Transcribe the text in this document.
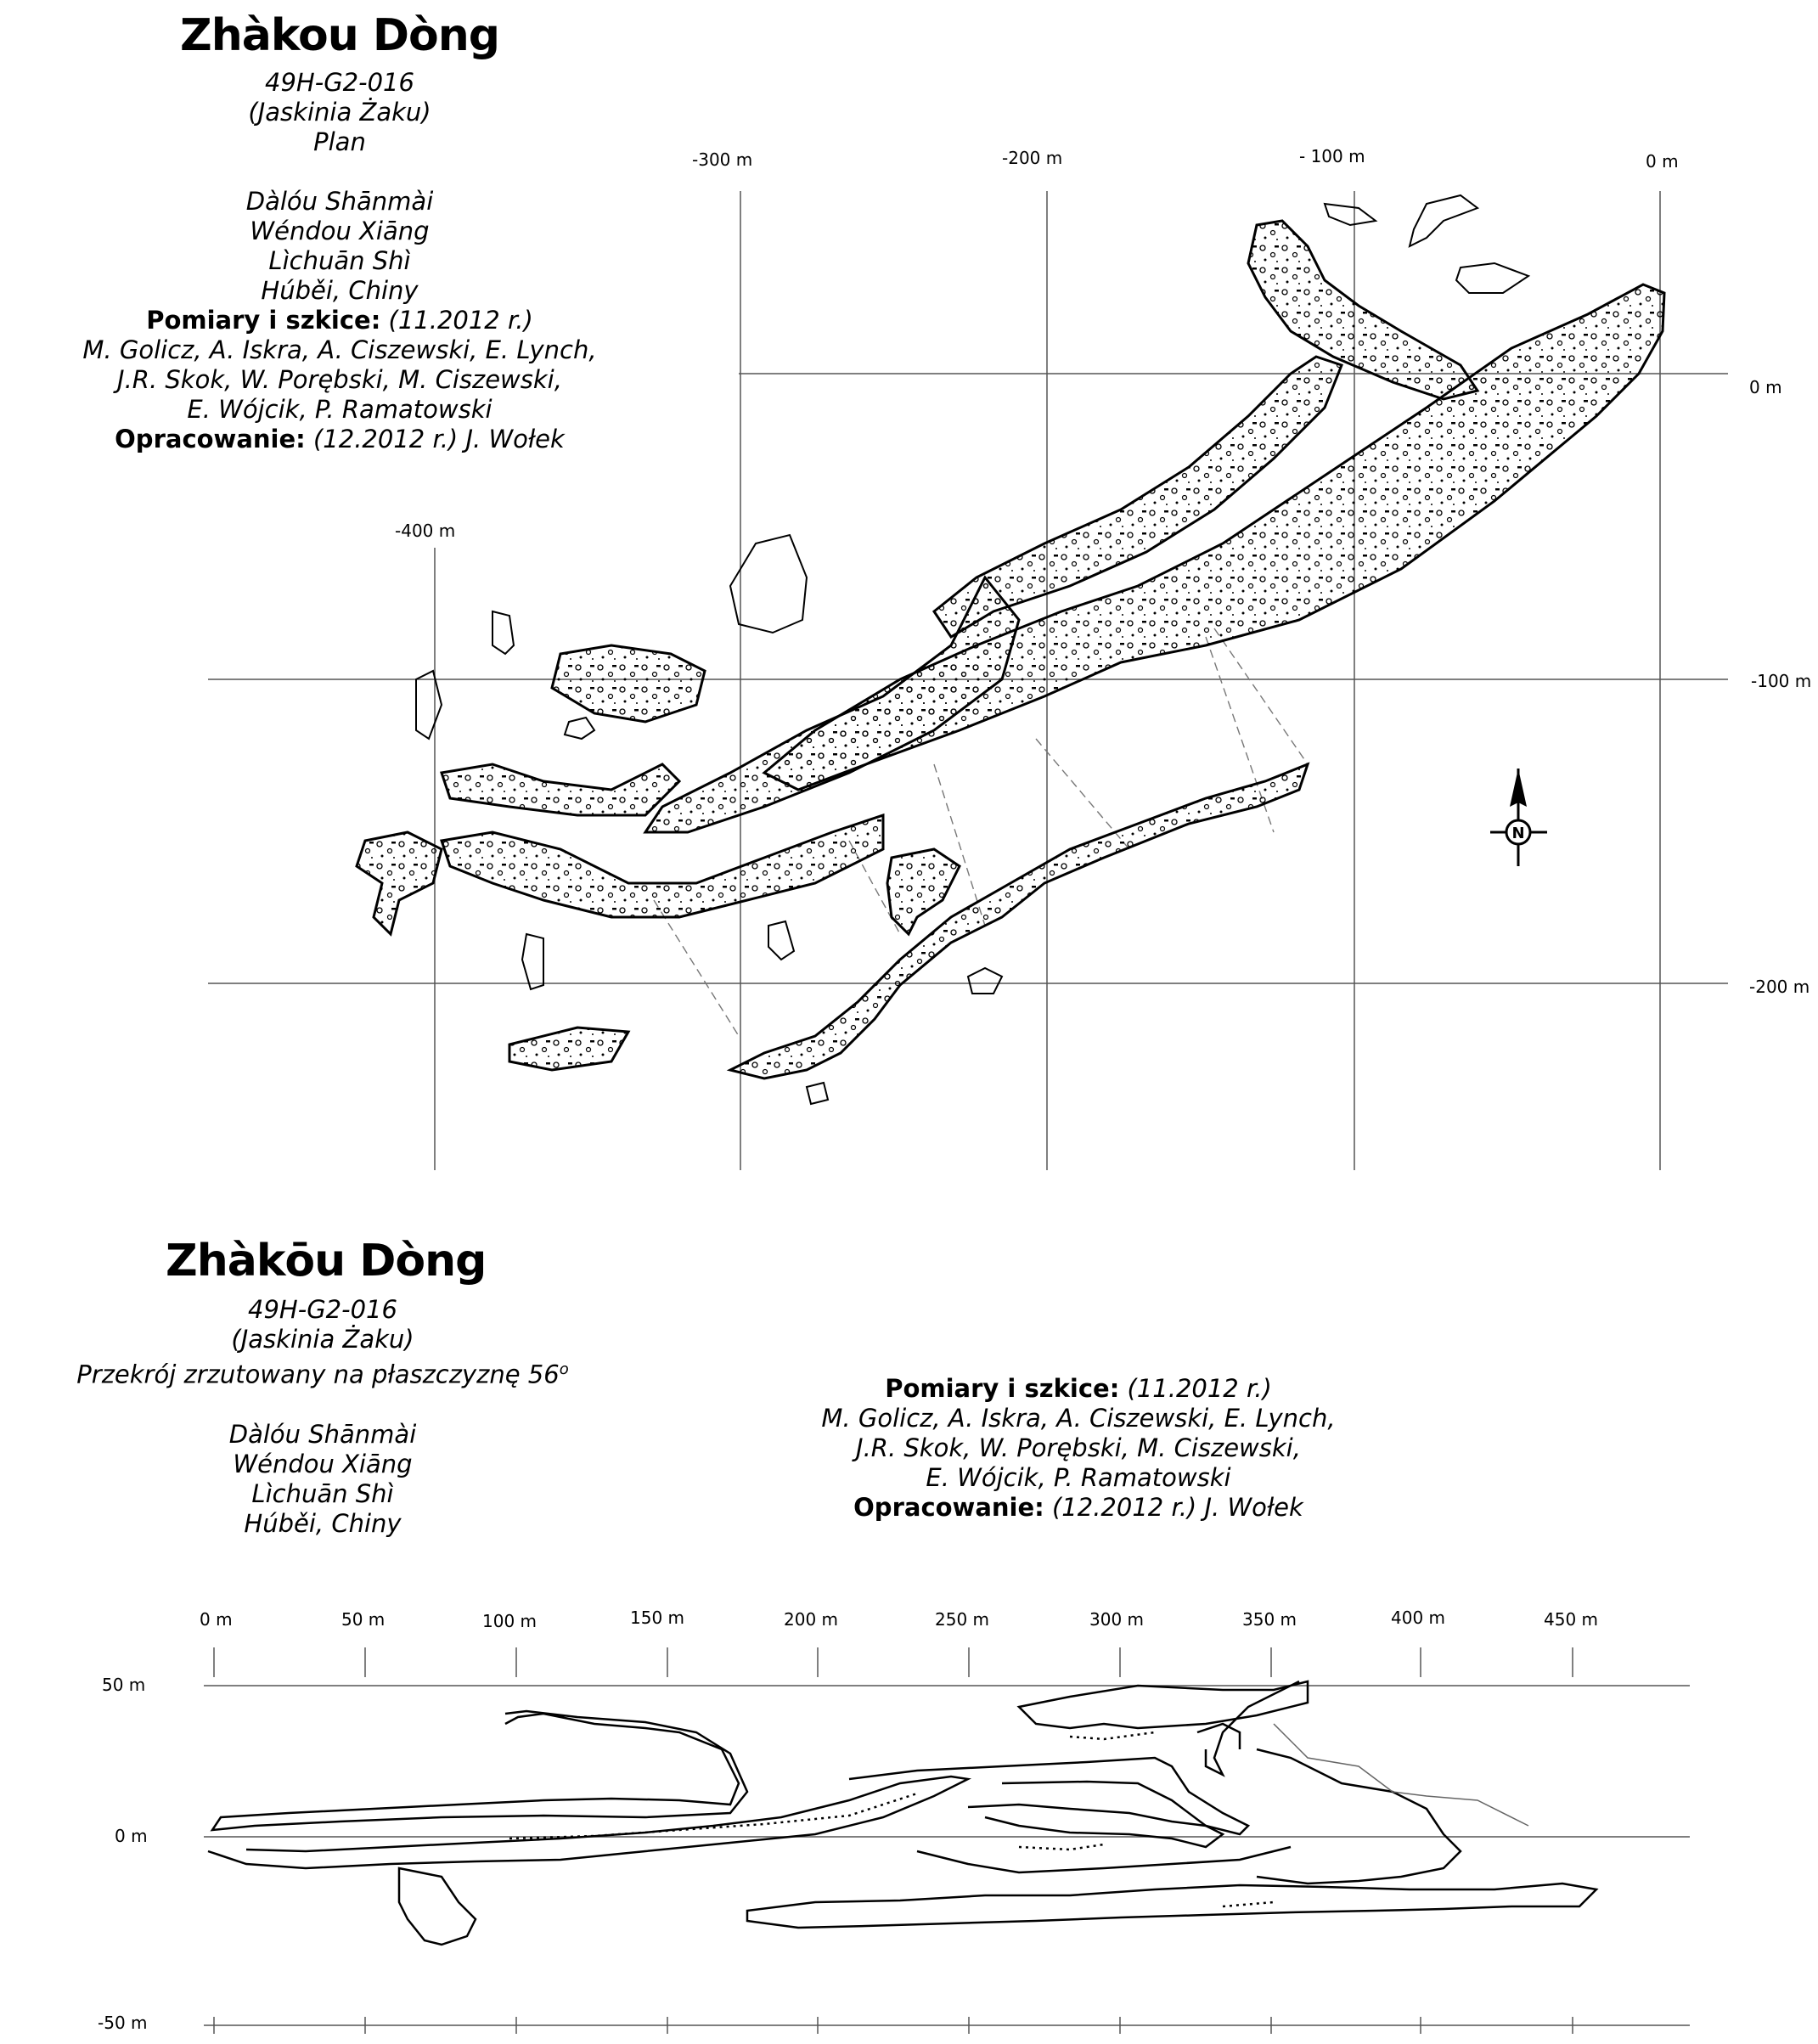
Zhàkou Dòng
49H-G2-016
(Jaskinia Żaku)
Plan
Dàlóu Shānmài
Wéndou Xiāng
Lìchuān Shì
Húběi, Chiny
Pomiary i szkice: (11.2012 r.)
M. Golicz, A. Iskra, A. Ciszewski, E. Lynch,
J.R. Skok, W. Porębski, M. Ciszewski,
E. Wójcik, P. Ramatowski
Opracowanie: (12.2012 r.) J. Wołek
-300 m	-200 m	- 100 m	0 m
-400 m
0 m
-100 m
-200 m
N
Zhàkōu Dòng
49H-G2-016
(Jaskinia Żaku)
Przekrój zrzutowany na płaszczyznę 56$^o$
Dàlóu Shānmài
Wéndou Xiāng
Lìchuān Shì
Húběi, Chiny
Pomiary i szkice: (11.2012 r.)
M. Golicz, A. Iskra, A. Ciszewski, E. Lynch,
J.R. Skok, W. Porębski, M. Ciszewski,
E. Wójcik, P. Ramatowski
Opracowanie: (12.2012 r.) J. Wołek
0 m	50 m	100 m	150 m	200 m	250 m	300 m	350 m	400 m	450 m
50 m
0 m
-50 m
